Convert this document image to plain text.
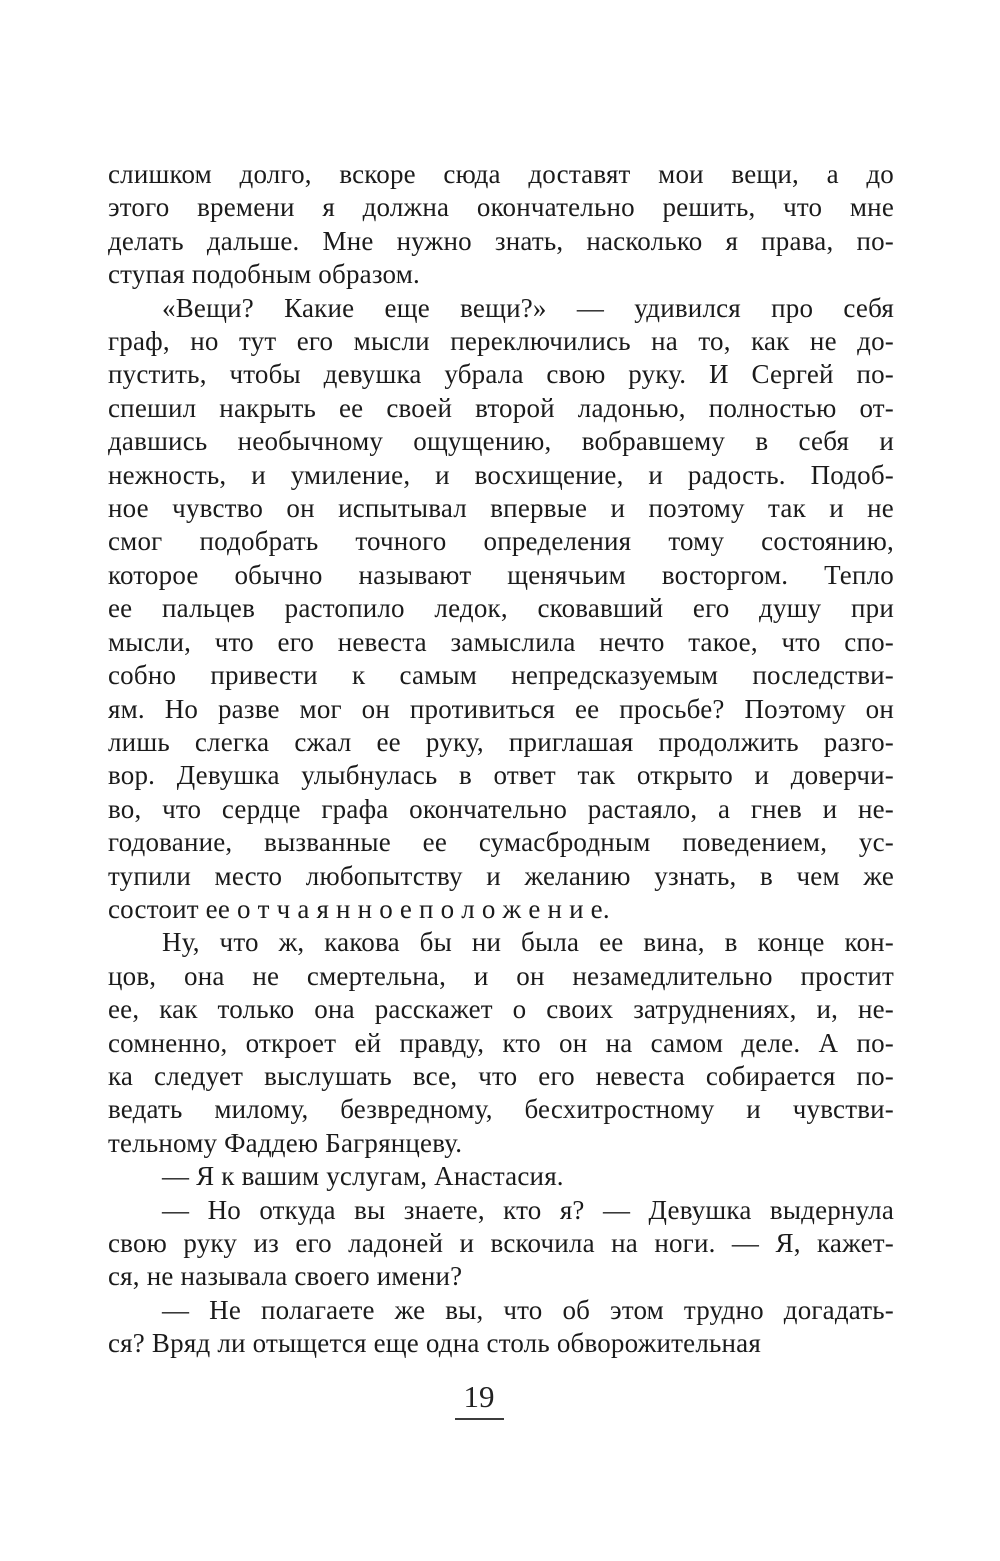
слишком долго, вскоре сюда доставят мои вещи, а до
этого времени я должна окончательно решить, что мне
делать дальше. Мне нужно знать, насколько я права, по-
ступая подобным образом.
«Вещи? Какие еще вещи?» — удивился про себя
граф, но тут его мысли переключились на то, как не до-
пустить, чтобы девушка убрала свою руку. И Сергей по-
спешил накрыть ее своей второй ладонью, полностью от-
давшись необычному ощущению, вобравшему в себя и
нежность, и умиление, и восхищение, и радость. Подоб-
ное чувство он испытывал впервые и поэтому так и не
смог подобрать точного определения тому состоянию,
которое обычно называют щенячьим восторгом. Тепло
ее пальцев растопило ледок, сковавший его душу при
мысли, что его невеста замыслила нечто такое, что спо-
собно привести к самым непредсказуемым последстви-
ям. Но разве мог он противиться ее просьбе? Поэтому он
лишь слегка сжал ее руку, приглашая продолжить разго-
вор. Девушка улыбнулась в ответ так открыто и доверчи-
во, что сердце графа окончательно растаяло, а гнев и не-
годование, вызванные ее сумасбродным поведением, ус-
тупили место любопытству и желанию узнать, в чем же
состоит ее о т ч а я н н о е п о л о ж е н и е.
Ну, что ж, какова бы ни была ее вина, в конце кон-
цов, она не смертельна, и он незамедлительно простит
ее, как только она расскажет о своих затруднениях, и, не-
сомненно, откроет ей правду, кто он на самом деле. А по-
ка следует выслушать все, что его невеста собирается по-
ведать милому, безвредному, бесхитростному и чувстви-
тельному Фаддею Багрянцеву.
— Я к вашим услугам, Анастасия.
— Но откуда вы знаете, кто я? — Девушка выдернула
свою руку из его ладоней и вскочила на ноги. — Я, кажет-
ся, не называла своего имени?
— Не полагаете же вы, что об этом трудно догадать-
ся? Вряд ли отыщется еще одна столь обворожительная
19
